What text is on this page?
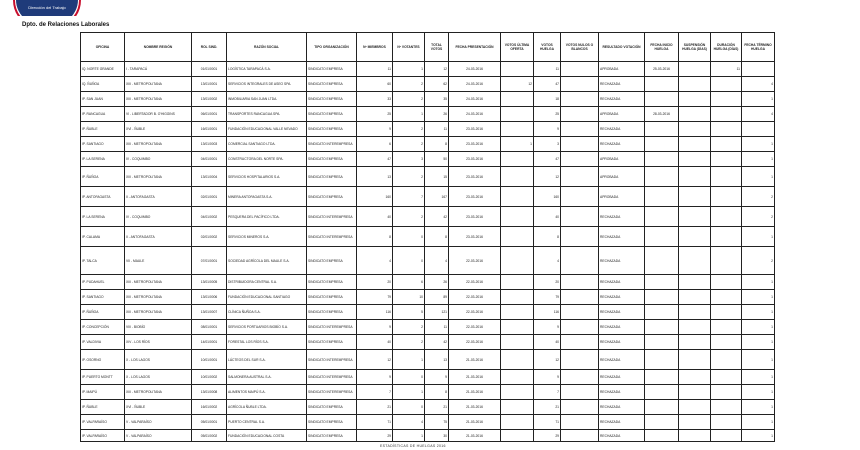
Dirección del Trabajo
Dpto. de Relaciones Laborales
OFICINA	NOMBRE REGIÓN	ROL SIND.	RAZÓN SOCIAL	TIPO ORGANIZACIÓN	Nº MIEMBROS	Nº VOTANTES	TOTAL VOTOS	FECHA PRESENTACIÓN	VOTOS ÚLTIMA OFERTA	VOTOS HUELGA	VOTOS NULOS O BLANCOS	RESULTADO VOTACIÓN	FECHA INICIO HUELGA	SUSPENSIÓN HUELGA (DÍAS)	DURACIÓN HUELGA (DÍAS)	FECHA TÉRMINO HUELGA
IQ. NORTE GRANDE	I - TARAPACÁ	01/01/0001	LOGÍSTICA TARAPACÁ S.A.	SINDICATO EMPRESA	11	1	12	24-03-2016		11		APROBADA	25-03-2016		11	
IQ. ÑUÑOA	XIII - METROPOLITANA	13/01/0001	SERVICIOS INTEGRALES DE ASEO SPA.	SINDICATO EMPRESA	60	2	62	24-03-2016	12	47		RECHAZADA				4
IP. SAN JUAN	XIII - METROPOLITANA	13/01/0002	INMOBILIARIA SAN JUAN LTDA.	SINDICATO EMPRESA	33	2	35	24-03-2016		18		RECHAZADA				1
IP. RANCAGUA	VI - LIBERTADOR B. O'HIGGINS	06/01/0001	TRANSPORTES RANCAGUA SPA.	SINDICATO EMPRESA	25	1	26	24-03-2016		25		APROBADA	28-03-2016			4
IP. ÑUBLE	XVI - ÑUBLE	16/01/0001	FUNDACIÓN EDUCACIONAL VALLE NEVADO	SINDICATO EMPRESA	9	2	11	23-03-2016		9		RECHAZADA				
IP. SANTIAGO	XIII - METROPOLITANA	13/01/0003	COMERCIAL SANTIAGO LTDA.	SINDICATO INTEREMPRESA	6	2	8	23-03-2016	1	3		RECHAZADA				1
IP. LA SERENA	IV - COQUIMBO	04/01/0001	CONSTRUCTORA DEL NORTE SPA.	SINDICATO EMPRESA	47	3	50	23-03-2016		47		APROBADA				1
IP. ÑUÑOA	XIII - METROPOLITANA	13/01/0004	SERVICIOS HOSPITALARIOS S.A.	SINDICATO EMPRESA	13	2	15	23-03-2016		12		APROBADA				1
IP. ANTOFAGASTA	II - ANTOFAGASTA	02/01/0001	MINERA ANTOFAGASTA S.A.	SINDICATO EMPRESA	160	7	167	23-03-2016		160		APROBADA				2
IP. LA SERENA	IV - COQUIMBO	04/01/0002	PESQUERA DEL PACÍFICO LTDA.	SINDICATO INTEREMPRESA	40	2	42	23-03-2016		40		RECHAZADA				2
IP. CALAMA	II - ANTOFAGASTA	02/01/0002	SERVICIOS MINEROS S.A.	SINDICATO INTEREMPRESA	8	0	8	23-03-2016		8		RECHAZADA				1
IP. TALCA	VII - MAULE	07/01/0001	SOCIEDAD AGRÍCOLA DEL MAULE S.A.	SINDICATO EMPRESA	4	0	4	22-03-2016		4		RECHAZADA				2
IP. PUDAHUEL	XIII - METROPOLITANA	13/01/0005	DISTRIBUIDORA CENTRAL S.A.	SINDICATO EMPRESA	20	6	26	22-03-2016		20		RECHAZADA				1
IP. SANTIAGO	XIII - METROPOLITANA	13/01/0006	FUNDACIÓN EDUCACIONAL SANTIAGO	SINDICATO EMPRESA	79	10	89	22-03-2016		79		RECHAZADA				1
IP. ÑUÑOA	XIII - METROPOLITANA	13/01/0007	CLÍNICA ÑUÑOA S.A.	SINDICATO EMPRESA	116	5	121	22-03-2016		116		RECHAZADA				1
IP. CONCEPCIÓN	VIII - BIOBÍO	08/01/0001	SERVICIOS PORTUARIOS BIOBÍO S.A.	SINDICATO INTEREMPRESA	9	2	11	22-03-2016		9		RECHAZADA				1
IP. VALDIVIA	XIV - LOS RÍOS	14/01/0001	FORESTAL LOS RÍOS S.A.	SINDICATO EMPRESA	40	2	42	22-03-2016		40		RECHAZADA				1
IP. OSORNO	X - LOS LAGOS	10/01/0001	LÁCTEOS DEL SUR S.A.	SINDICATO INTEREMPRESA	12	1	13	21-03-2016		12		RECHAZADA				1
IP. PUERTO MONTT	X - LOS LAGOS	10/01/0002	SALMONERA AUSTRAL S.A.	SINDICATO INTEREMPRESA	9	0	9	21-03-2016		9		RECHAZADA				1
IP. MAIPÚ	XIII - METROPOLITANA	13/01/0008	ALIMENTOS MAIPÚ S.A.	SINDICATO INTEREMPRESA	7	1	8	21-03-2016		7		RECHAZADA				1
IP. ÑUBLE	XVI - ÑUBLE	16/01/0002	AGRÍCOLA ÑUBLE LTDA.	SINDICATO EMPRESA	21	0	21	21-03-2016		21		RECHAZADA				1
IP. VALPARAÍSO	V - VALPARAÍSO	05/01/0001	PUERTO CENTRAL S.A.	SINDICATO EMPRESA	71	4	75	21-03-2016		71		RECHAZADA				1
IP. VALPARAÍSO	V - VALPARAÍSO	05/01/0002	FUNDACIÓN EDUCACIONAL COSTA	SINDICATO EMPRESA	29	1	30	21-03-2016		29		RECHAZADA				1
ESTADÍSTICAS DE HUELGAS 2016
